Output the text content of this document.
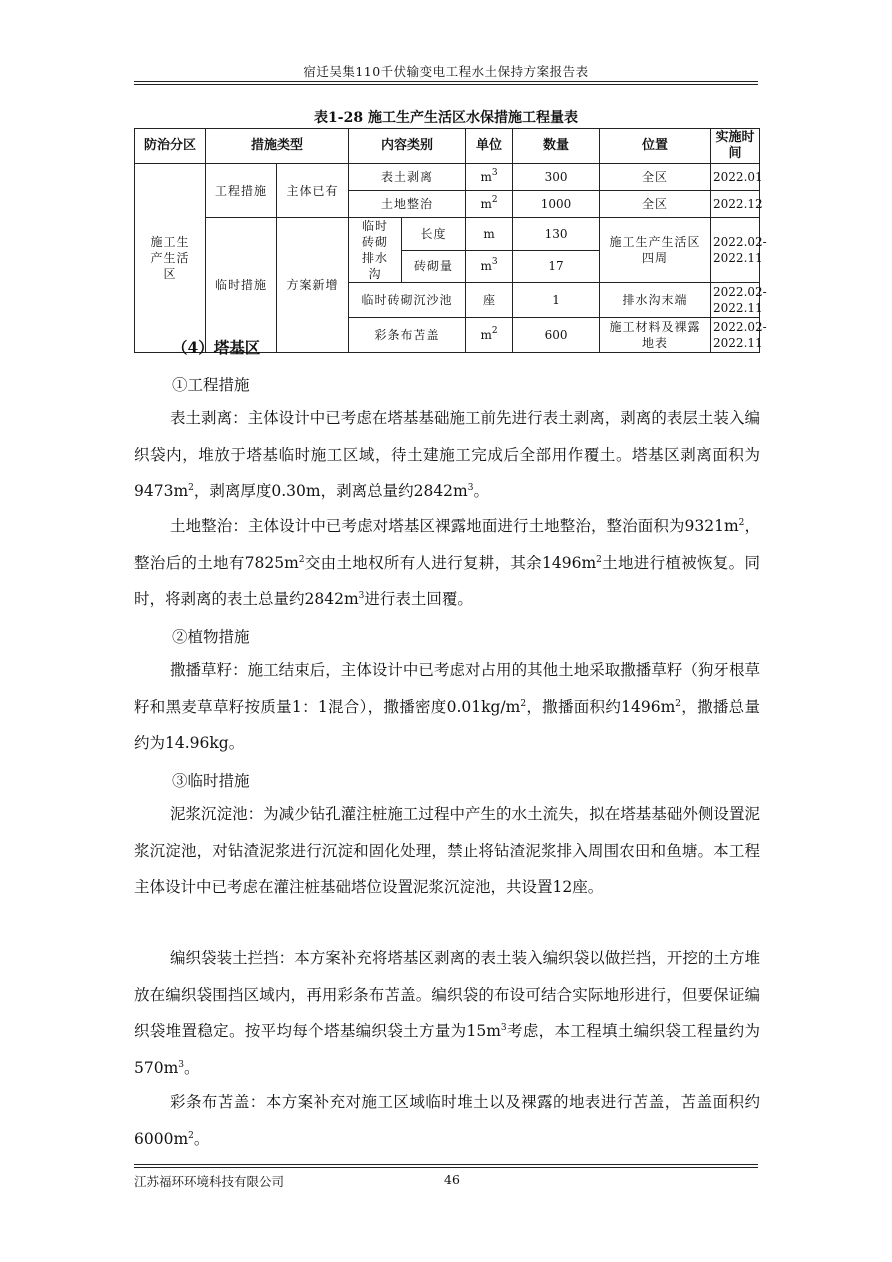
宿迁吴集110千伏输变电工程水土保持方案报告表
表1-28 施工生产生活区水保措施工程量表
防治分区	措施类型		内容类别		单位	数量	位置	实施时间
施工生产生活区	工程措施	主体已有	表土剥离		$m^3$	300	全区	2022.01
			土地整治		$m^2$	1000	全区	2022.12
	临时措施	方案新增	临时砖砌排水沟	长度	m	130	施工生产生活区四周	2022.02-2022.11
				砖砌量	$m^3$	17		
			临时砖砌沉沙池		座	1	排水沟末端	2022.02-2022.11
			彩条布苫盖		$m^2$	600	施工材料及裸露地表	2022.02-2022.11
（4）塔基区
①工程措施
表土剥离：主体设计中已考虑在塔基基础施工前先进行表土剥离，剥离的表层土装入编织袋内，堆放于塔基临时施工区域，待土建施工完成后全部用作覆土。塔基区剥离面积为$9473m^2$，剥离厚度0.30m，剥离总量约$2842m^3$。
土地整治：主体设计中已考虑对塔基区裸露地面进行土地整治，整治面积为$9321m^2$，整治后的土地有$7825m^2$交由土地权所有人进行复耕，其余$1496m^2$土地进行植被恢复。同时，将剥离的表土总量约$2842m^3$进行表土回覆。
②植物措施
撒播草籽：施工结束后，主体设计中已考虑对占用的其他土地采取撒播草籽（狗牙根草籽和黑麦草草籽按质量1：1混合），撒播密度$0.01kg/m^2$，撒播面积约$1496m^2$，撒播总量约为14.96kg。
③临时措施
泥浆沉淀池：为减少钻孔灌注桩施工过程中产生的水土流失，拟在塔基基础外侧设置泥浆沉淀池，对钻渣泥浆进行沉淀和固化处理，禁止将钻渣泥浆排入周围农田和鱼塘。本工程主体设计中已考虑在灌注桩基础塔位设置泥浆沉淀池，共设置12座。
编织袋装土拦挡：本方案补充将塔基区剥离的表土装入编织袋以做拦挡，开挖的土方堆放在编织袋围挡区域内，再用彩条布苫盖。编织袋的布设可结合实际地形进行，但要保证编织袋堆置稳定。按平均每个塔基编织袋土方量为$15m^3$考虑，本工程填土编织袋工程量约为$570m^3$。
彩条布苫盖：本方案补充对施工区域临时堆土以及裸露的地表进行苫盖，苫盖面积约$6000m^2$。
江苏福环环境科技有限公司	46
